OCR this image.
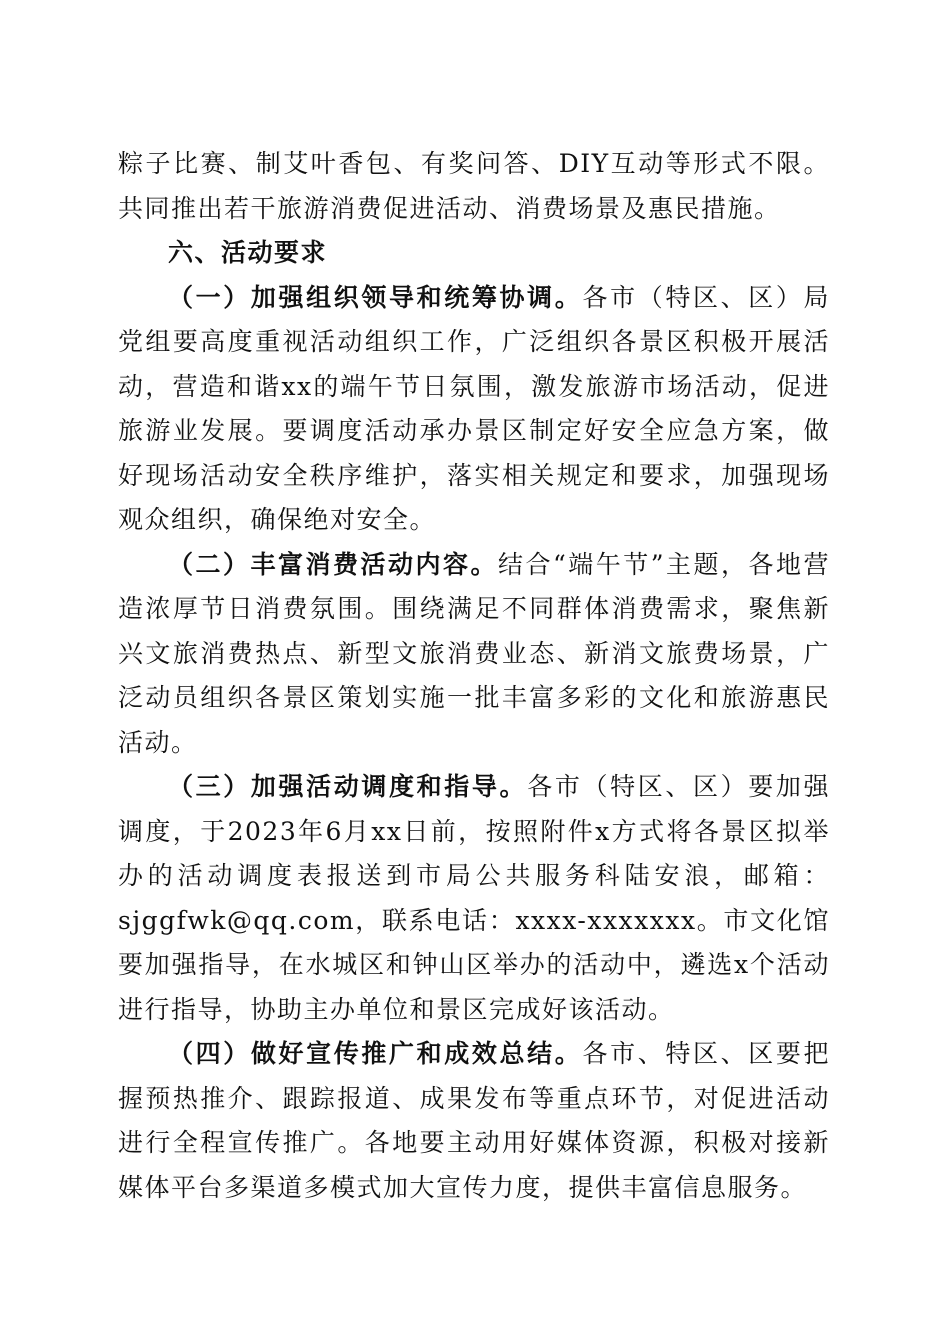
粽子比赛、制艾叶香包、有奖问答、DIY互动等形式不限。共同推出若干旅游消费促进活动、消费场景及惠民措施。

六、活动要求

（一）加强组织领导和统筹协调。各市（特区、区）局党组要高度重视活动组织工作，广泛组织各景区积极开展活动，营造和谐xx的端午节日氛围，激发旅游市场活动，促进旅游业发展。要调度活动承办景区制定好安全应急方案，做好现场活动安全秩序维护，落实相关规定和要求，加强现场观众组织，确保绝对安全。

（二）丰富消费活动内容。结合“端午节”主题，各地营造浓厚节日消费氛围。围绕满足不同群体消费需求，聚焦新兴文旅消费热点、新型文旅消费业态、新消文旅费场景，广泛动员组织各景区策划实施一批丰富多彩的文化和旅游惠民活动。

（三）加强活动调度和指导。各市（特区、区）要加强调度，于2023年6月xx日前，按照附件x方式将各景区拟举办的活动调度表报送到市局公共服务科陆安浪，邮箱：sjggfwk@qq.com，联系电话：xxxx-xxxxxxx。市文化馆要加强指导，在水城区和钟山区举办的活动中，遴选x个活动进行指导，协助主办单位和景区完成好该活动。

（四）做好宣传推广和成效总结。各市、特区、区要把握预热推介、跟踪报道、成果发布等重点环节，对促进活动进行全程宣传推广。各地要主动用好媒体资源，积极对接新媒体平台多渠道多模式加大宣传力度，提供丰富信息服务。
